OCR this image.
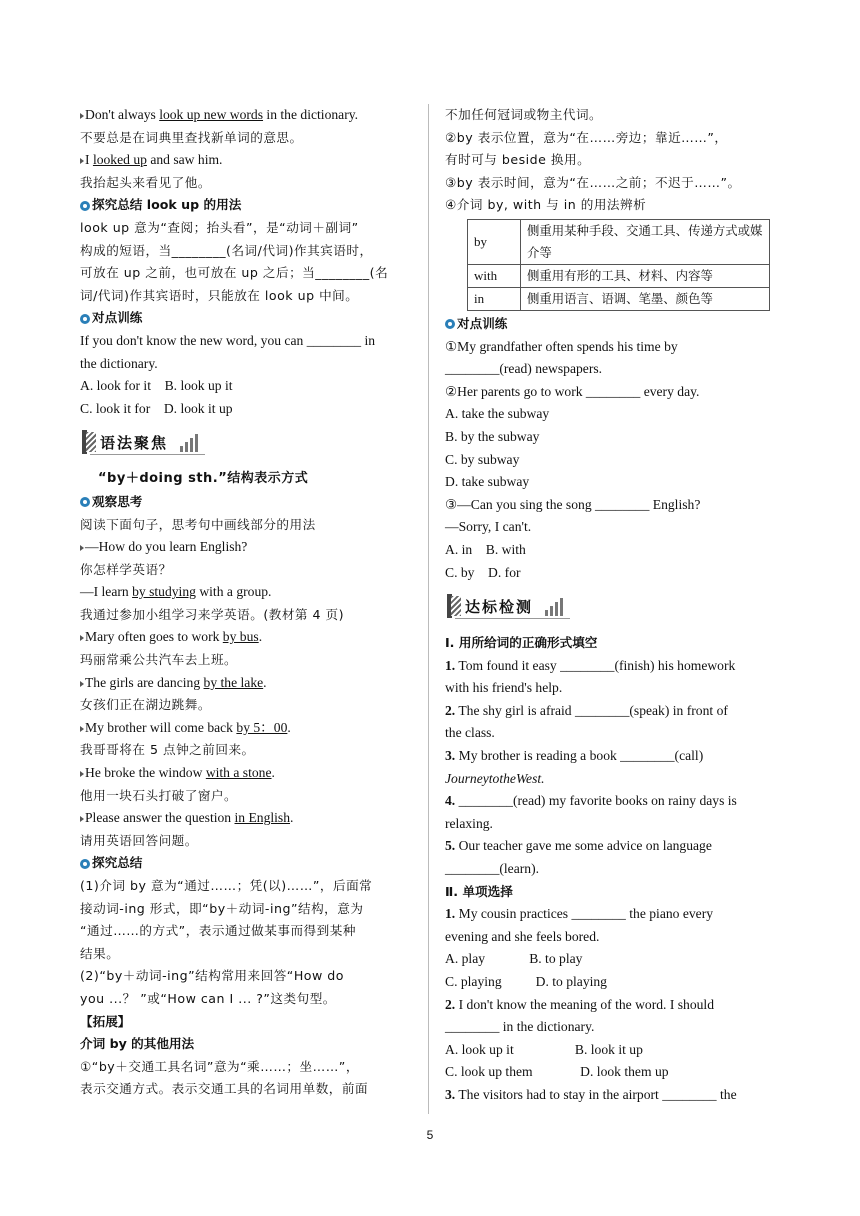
Don't always look up new words in the dictionary.
不要总是在词典里查找新单词的意思。
I looked up and saw him.
我抬起头来看见了他。
探究总结 look up 的用法
look up 意为“查阅；抬头看”，是“动词＋副词”
构成的短语，当________(名词/代词)作其宾语时，
可放在 up 之前，也可放在 up 之后；当________(名
词/代词)作其宾语时，只能放在 look up 中间。
对点训练
If you don't know the new word, you can ________ in
the dictionary.
A. look for it    B. look up it
C. look it for    D. look it up
语法聚焦
“by＋doing sth.”结构表示方式
观察思考
阅读下面句子，思考句中画线部分的用法
—How do you learn English?
你怎样学英语？
—I learn by studying with a group.
我通过参加小组学习来学英语。(教材第 4 页)
Mary often goes to work by bus.
玛丽常乘公共汽车去上班。
The girls are dancing by the lake.
女孩们正在湖边跳舞。
My brother will come back by 5：00.
我哥哥将在 5 点钟之前回来。
He broke the window with a stone.
他用一块石头打破了窗户。
Please answer the question in English.
请用英语回答问题。
探究总结
(1)介词 by 意为“通过……；凭(以)……”，后面常
接动词-ing 形式，即“by＋动词-ing”结构，意为
“通过……的方式”，表示通过做某事而得到某种
结果。
(2)“by＋动词-ing”结构常用来回答“How do
you ...？ ”或“How can I ... ?”这类句型。
【拓展】
介词 by 的其他用法
①“by＋交通工具名词”意为“乘……；坐……”，
表示交通方式。表示交通工具的名词用单数，前面
不加任何冠词或物主代词。
②by 表示位置，意为“在……旁边；靠近……”，
有时可与 beside 换用。
③by 表示时间，意为“在……之前；不迟于……”。
④介词 by, with 与 in 的用法辨析
by	侧重用某种手段、交通工具、传递方式或媒介等
with	侧重用有形的工具、材料、内容等
in	侧重用语言、语调、笔墨、颜色等
对点训练
①My grandfather often spends his time by
________(read) newspapers.
②Her parents go to work ________ every day.
A. take the subway
B. by the subway
C. by subway
D. take subway
③—Can you sing the song ________ English?
—Sorry, I can't.
A. in    B. with
C. by    D. for
达标检测
Ⅰ. 用所给词的正确形式填空
1. Tom found it easy ________(finish) his homework
with his friend's help.
2. The shy girl is afraid ________(speak) in front of
the class.
3. My brother is reading a book ________(call)
JourneytotheWest.
4. ________(read) my favorite books on rainy days is
relaxing.
5. Our teacher gave me some advice on language
________(learn).
Ⅱ. 单项选择
1. My cousin practices ________ the piano every
evening and she feels bored.
A. play             B. to play
C. playing          D. to playing
2. I don't know the meaning of the word. I should
________ in the dictionary.
A. look up it                  B. look it up
C. look up them              D. look them up
3. The visitors had to stay in the airport ________ the
5
